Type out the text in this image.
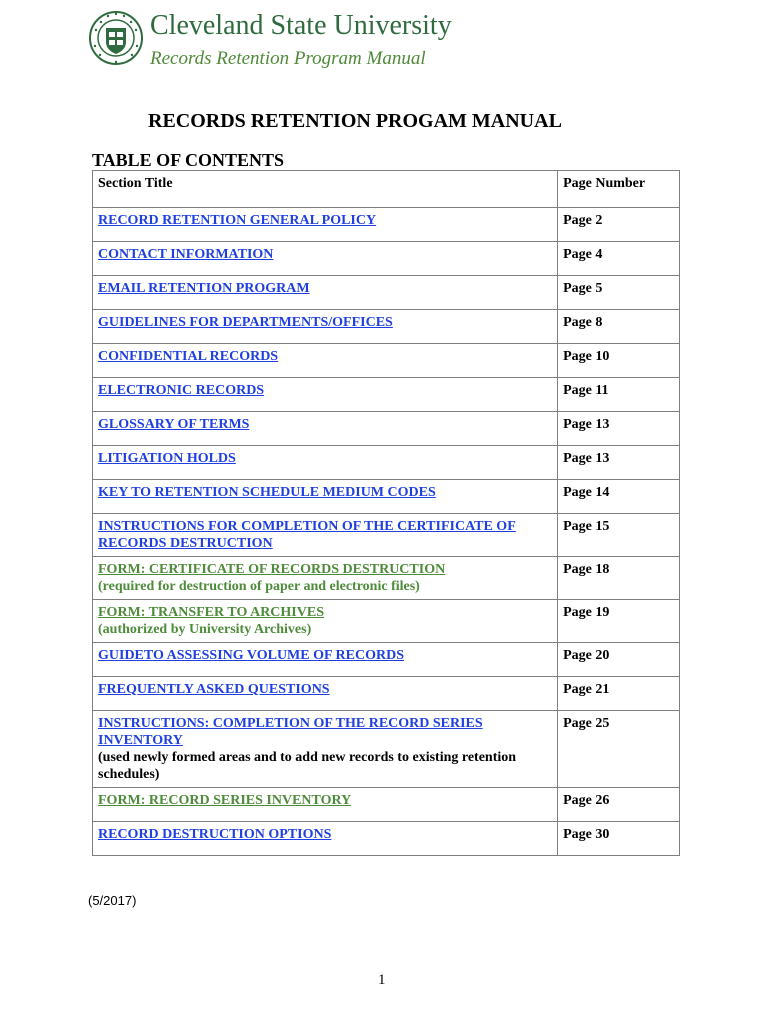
Cleveland State University
Records Retention Program Manual
RECORDS RETENTION PROGAM MANUAL
TABLE OF CONTENTS
Section Title	Page Number
RECORD RETENTION GENERAL POLICY	Page 2
CONTACT INFORMATION	Page 4
EMAIL RETENTION PROGRAM	Page 5
GUIDELINES FOR DEPARTMENTS/OFFICES	Page 8
CONFIDENTIAL RECORDS	Page 10
ELECTRONIC RECORDS	Page 11
GLOSSARY OF TERMS	Page 13
LITIGATION HOLDS	Page 13
KEY TO RETENTION SCHEDULE MEDIUM CODES	Page 14
INSTRUCTIONS FOR COMPLETION OF THE CERTIFICATE OF RECORDS DESTRUCTION	Page 15
FORM: CERTIFICATE OF RECORDS DESTRUCTION
(required for destruction of paper and electronic files)	Page 18
FORM: TRANSFER TO ARCHIVES
(authorized by University Archives)	Page 19
GUIDETO ASSESSING VOLUME OF RECORDS	Page 20
FREQUENTLY ASKED QUESTIONS	Page 21
INSTRUCTIONS: COMPLETION OF THE RECORD SERIES INVENTORY
(used newly formed areas and to add new records to existing retention schedules)	Page 25
FORM: RECORD SERIES INVENTORY	Page 26
RECORD DESTRUCTION OPTIONS	Page 30
(5/2017)
1
